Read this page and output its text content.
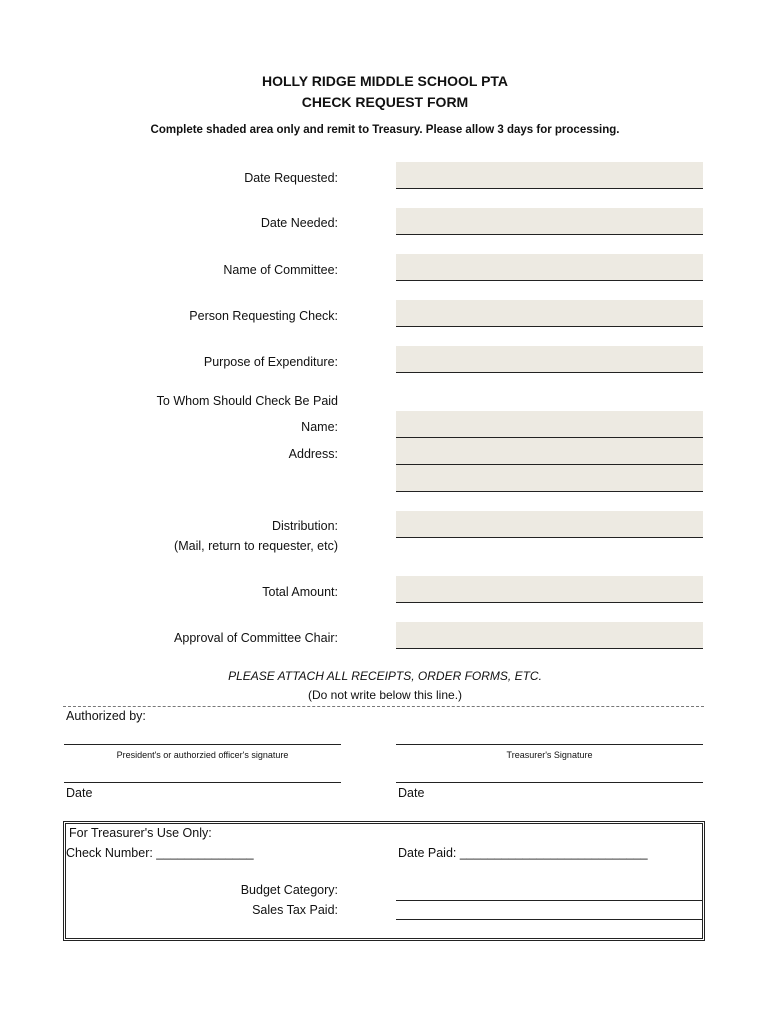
HOLLY RIDGE MIDDLE SCHOOL PTA
CHECK REQUEST FORM
Complete shaded area only and remit to Treasury. Please allow 3 days for processing.
Date Requested:
Date Needed:
Name of Committee:
Person Requesting Check:
Purpose of Expenditure:
To Whom Should Check Be Paid
Name:
Address:
Distribution:
(Mail, return to requester, etc)
Total Amount:
Approval of Committee Chair:
PLEASE ATTACH ALL RECEIPTS, ORDER FORMS, ETC.
(Do not write below this line.)
Authorized by:
President's or authorzied officer's signature	Treasurer's Signature
Date	Date
For Treasurer's Use Only:
Check Number: ______________	Date Paid: ___________________________
Budget Category:
Sales Tax Paid:
